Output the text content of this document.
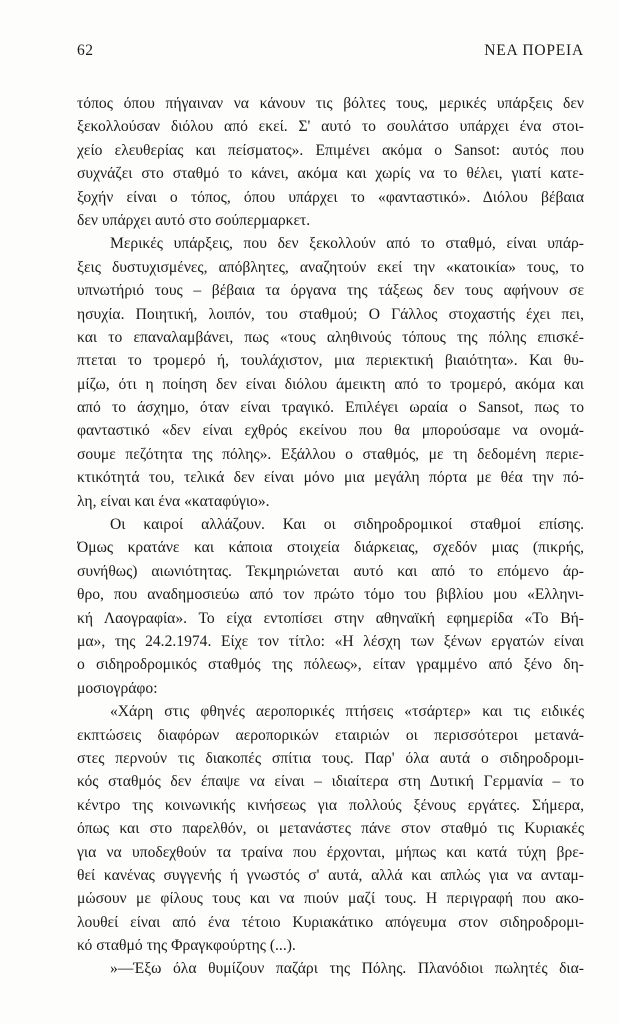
62	ΝΕΑ ΠΟΡΕΙΑ
τόπος όπου πήγαιναν να κάνουν τις βόλτες τους, μερικές υπάρξεις δεν
ξεκολλούσαν διόλου από εκεί. Σ' αυτό το σουλάτσο υπάρχει ένα στοι-
χείο ελευθερίας και πείσματος». Επιμένει ακόμα ο Sansot: αυτός που
συχνάζει στο σταθμό το κάνει, ακόμα και χωρίς να το θέλει, γιατί κατε-
ξοχήν είναι ο τόπος, όπου υπάρχει το «φανταστικό». Διόλου βέβαια
δεν υπάρχει αυτό στο σούπερμαρκετ.
Μερικές υπάρξεις, που δεν ξεκολλούν από το σταθμό, είναι υπάρ-
ξεις δυστυχισμένες, απόβλητες, αναζητούν εκεί την «κατοικία» τους, το
υπνωτήριό τους – βέβαια τα όργανα της τάξεως δεν τους αφήνουν σε
ησυχία. Ποιητική, λοιπόν, του σταθμού; Ο Γάλλος στοχαστής έχει πει,
και το επαναλαμβάνει, πως «τους αληθινούς τόπους της πόλης επισκέ-
πτεται το τρομερό ή, τουλάχιστον, μια περιεκτική βιαιότητα». Και θυ-
μίζω, ότι η ποίηση δεν είναι διόλου άμεικτη από το τρομερό, ακόμα και
από το άσχημο, όταν είναι τραγικό. Επιλέγει ωραία ο Sansot, πως το
φανταστικό «δεν είναι εχθρός εκείνου που θα μπορούσαμε να ονομά-
σουμε πεζότητα της πόλης». Εξάλλου ο σταθμός, με τη δεδομένη περιε-
κτικότητά του, τελικά δεν είναι μόνο μια μεγάλη πόρτα με θέα την πό-
λη, είναι και ένα «καταφύγιο».
Οι καιροί αλλάζουν. Και οι σιδηροδρομικοί σταθμοί επίσης.
Όμως κρατάνε και κάποια στοιχεία διάρκειας, σχεδόν μιας (πικρής,
συνήθως) αιωνιότητας. Τεκμηριώνεται αυτό και από το επόμενο άρ-
θρο, που αναδημοσιεύω από τον πρώτο τόμο του βιβλίου μου «Ελληνι-
κή Λαογραφία». Το είχα εντοπίσει στην αθηναϊκή εφημερίδα «Το Βή-
μα», της 24.2.1974. Είχε τον τίτλο: «Η λέσχη των ξένων εργατών είναι
ο σιδηροδρομικός σταθμός της πόλεως», είταν γραμμένο από ξένο δη-
μοσιογράφο:
«Χάρη στις φθηνές αεροπορικές πτήσεις «τσάρτερ» και τις ειδικές
εκπτώσεις διαφόρων αεροπορικών εταιριών οι περισσότεροι μετανά-
στες περνούν τις διακοπές σπίτια τους. Παρ' όλα αυτά ο σιδηροδρομι-
κός σταθμός δεν έπαψε να είναι – ιδιαίτερα στη Δυτική Γερμανία – το
κέντρο της κοινωνικής κινήσεως για πολλούς ξένους εργάτες. Σήμερα,
όπως και στο παρελθόν, οι μετανάστες πάνε στον σταθμό τις Κυριακές
για να υποδεχθούν τα τραίνα που έρχονται, μήπως και κατά τύχη βρε-
θεί κανένας συγγενής ή γνωστός σ' αυτά, αλλά και απλώς για να ανταμ-
μώσουν με φίλους τους και να πιούν μαζί τους. Η περιγραφή που ακο-
λουθεί είναι από ένα τέτοιο Κυριακάτικο απόγευμα στον σιδηροδρομι-
κό σταθμό της Φραγκφούρτης (...).
»—Έξω όλα θυμίζουν παζάρι της Πόλης. Πλανόδιοι πωλητές δια-
